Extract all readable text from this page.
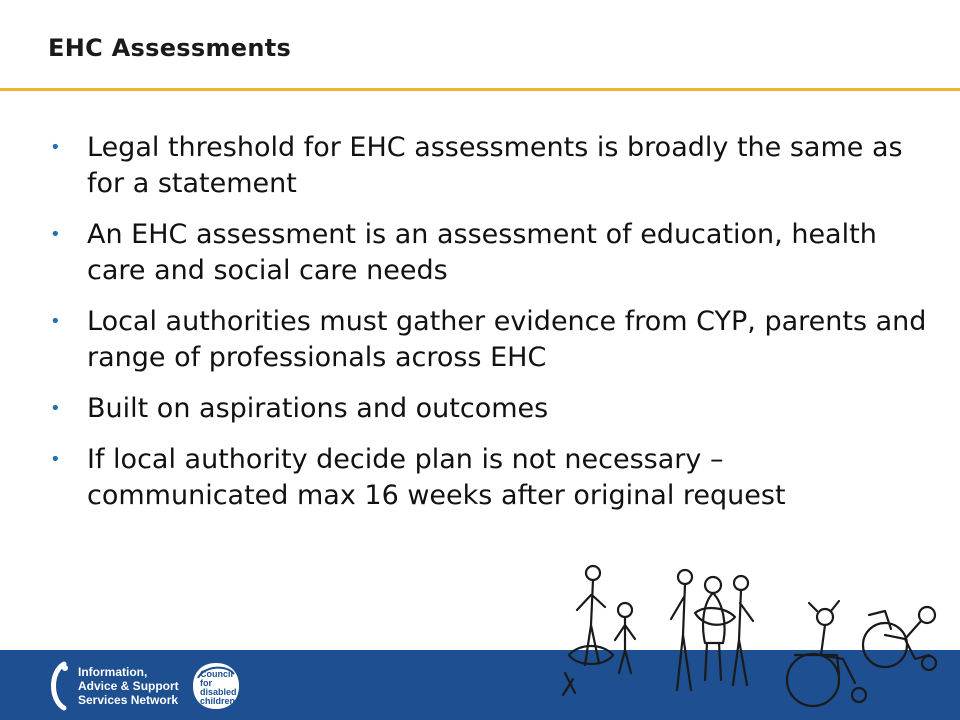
EHC Assessments
• Legal threshold for EHC assessments is broadly the same as for a statement
• An EHC assessment is an assessment of education, health care and social care needs
• Local authorities must gather evidence from CYP, parents and range of professionals across EHC
• Built on aspirations and outcomes
• If local authority decide plan is not necessary – communicated max 16 weeks after original request
Information,
Advice & Support
Services Network
Council
for disabled
children
